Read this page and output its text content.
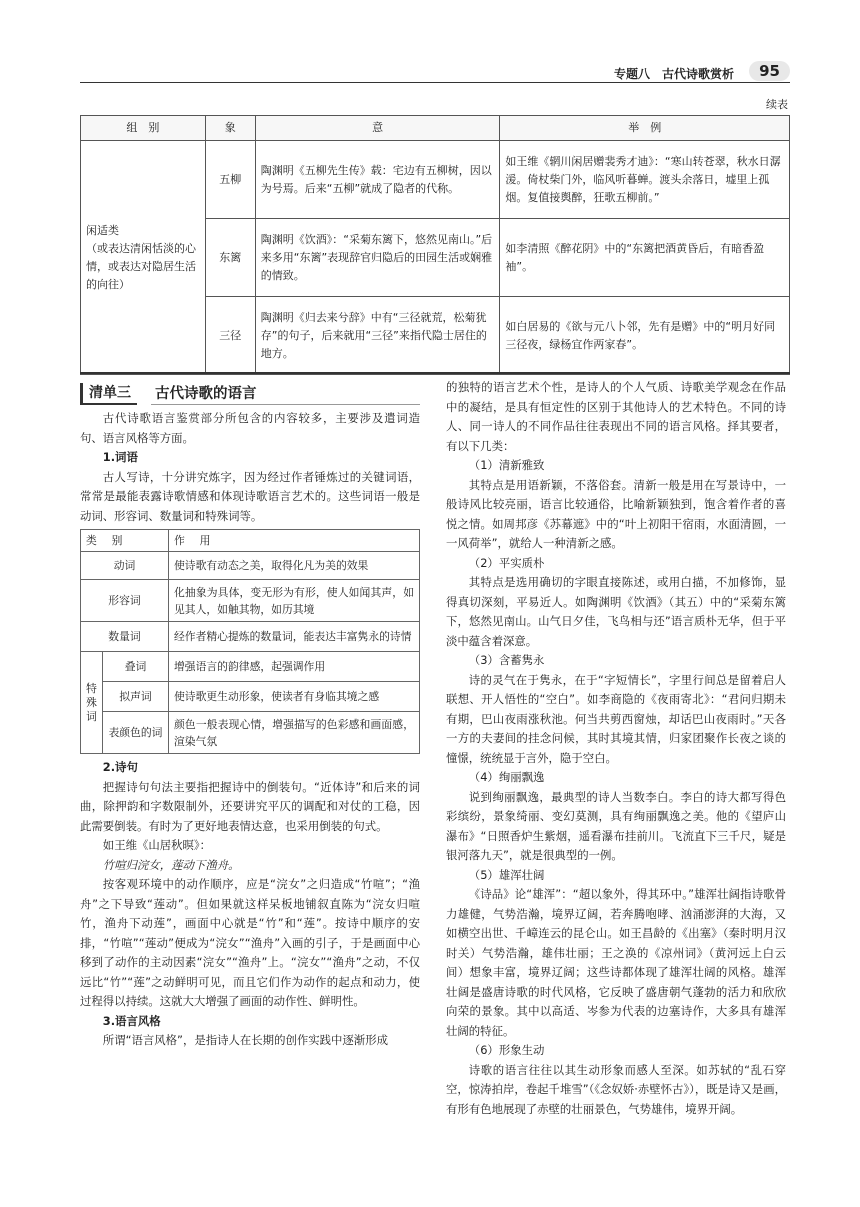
专题八　古代诗歌赏析	95
续表
组　别	象	意	举　例
闲适类
（或表达清闲恬淡的心情，或表达对隐居生活的向往）	五柳	陶渊明《五柳先生传》载：宅边有五柳树，因以为号焉。后来“五柳”就成了隐者的代称。	如王维《辋川闲居赠裴秀才迪》：“寒山转苍翠，秋水日潺湲。倚杖柴门外，临风听暮蝉。渡头余落日，墟里上孤烟。复值接舆醉，狂歌五柳前。”
	东篱	陶渊明《饮酒》：“采菊东篱下，悠然见南山。”后来多用“东篱”表现辞官归隐后的田园生活或娴雅的情致。	如李清照《醉花阴》中的“东篱把酒黄昏后，有暗香盈袖”。
	三径	陶渊明《归去来兮辞》中有“三径就荒，松菊犹存”的句子，后来就用“三径”来指代隐士居住的地方。	如白居易的《欲与元八卜邻，先有是赠》中的“明月好同三径夜，绿杨宜作两家春”。
清单三	古代诗歌的语言

古代诗歌语言鉴赏部分所包含的内容较多，主要涉及遣词造句、语言风格等方面。

1.词语

古人写诗，十分讲究炼字，因为经过作者锤炼过的关键词语，常常是最能表露诗歌情感和体现诗歌语言艺术的。这些词语一般是动词、形容词、数量词和特殊词等。

类　别		作　用
动词		使诗歌有动态之美，取得化凡为美的效果
形容词		化抽象为具体，变无形为有形，使人如闻其声，如见其人，如触其物，如历其境
数量词		经作者精心提炼的数量词，能表达丰富隽永的诗情
特殊词	叠词	增强语言的韵律感，起强调作用
	拟声词	使诗歌更生动形象，使读者有身临其境之感
	表颜色的词	颜色一般表现心情，增强描写的色彩感和画面感，渲染气氛

2.诗句

把握诗句句法主要指把握诗中的倒装句。“近体诗”和后来的词曲，除押韵和字数限制外，还要讲究平仄的调配和对仗的工稳，因此需要倒装。有时为了更好地表情达意，也采用倒装的句式。

如王维《山居秋暝》：

竹喧归浣女，莲动下渔舟。

按客观环境中的动作顺序，应是“浣女”之归造成“竹喧”；“渔舟”之下导致“莲动”。但如果就这样呆板地铺叙直陈为“浣女归喧竹，渔舟下动莲”，画面中心就是“竹”和“莲”。按诗中顺序的安排，“竹喧”“莲动”便成为“浣女”“渔舟”入画的引子，于是画面中心移到了动作的主动因素“浣女”“渔舟”上。“浣女”“渔舟”之动，不仅远比“竹”“莲”之动鲜明可见，而且它们作为动作的起点和动力，使过程得以持续。这就大大增强了画面的动作性、鲜明性。

3.语言风格

所谓“语言风格”，是指诗人在长期的创作实践中逐渐形成

的独特的语言艺术个性，是诗人的个人气质、诗歌美学观念在作品中的凝结，是具有恒定性的区别于其他诗人的艺术特色。不同的诗人、同一诗人的不同作品往往表现出不同的语言风格。择其要者，有以下几类：

（1）清新雅致

其特点是用语新颖，不落俗套。清新一般是用在写景诗中，一般诗风比较亮丽，语言比较通俗，比喻新颖独到，饱含着作者的喜悦之情。如周邦彦《苏幕遮》中的“叶上初阳干宿雨，水面清圆，一一风荷举”，就给人一种清新之感。

（2）平实质朴

其特点是选用确切的字眼直接陈述，或用白描，不加修饰，显得真切深刻，平易近人。如陶渊明《饮酒》（其五）中的“采菊东篱下，悠然见南山。山气日夕佳，飞鸟相与还”语言质朴无华，但于平淡中蕴含着深意。

（3）含蓄隽永

诗的灵气在于隽永，在于“字短情长”，字里行间总是留着启人联想、开人悟性的“空白”。如李商隐的《夜雨寄北》：“君问归期未有期，巴山夜雨涨秋池。何当共剪西窗烛，却话巴山夜雨时。”天各一方的夫妻间的挂念问候，其时其境其情，归家团聚作长夜之谈的憧憬，统统显于言外，隐于空白。

（4）绚丽飘逸

说到绚丽飘逸，最典型的诗人当数李白。李白的诗大都写得色彩缤纷，景象绮丽、变幻莫测，具有绚丽飘逸之美。他的《望庐山瀑布》“日照香炉生紫烟，遥看瀑布挂前川。飞流直下三千尺，疑是银河落九天”，就是很典型的一例。

（5）雄浑壮阔

《诗品》论“雄浑”：“超以象外，得其环中。”雄浑壮阔指诗歌骨力雄健，气势浩瀚，境界辽阔，若奔腾咆哮、汹涌澎湃的大海，又如横空出世、千嶂连云的昆仑山。如王昌龄的《出塞》（秦时明月汉时关）气势浩瀚，雄伟壮丽；王之涣的《凉州词》（黄河远上白云间）想象丰富，境界辽阔；这些诗都体现了雄浑壮阔的风格。雄浑壮阔是盛唐诗歌的时代风格，它反映了盛唐朝气蓬勃的活力和欣欣向荣的景象。其中以高适、岑参为代表的边塞诗作，大多具有雄浑壮阔的特征。

（6）形象生动

诗歌的语言往往以其生动形象而感人至深。如苏轼的“乱石穿空，惊涛拍岸，卷起千堆雪”（《念奴娇·赤壁怀古》），既是诗又是画，有形有色地展现了赤壁的壮丽景色，气势雄伟，境界开阔。
